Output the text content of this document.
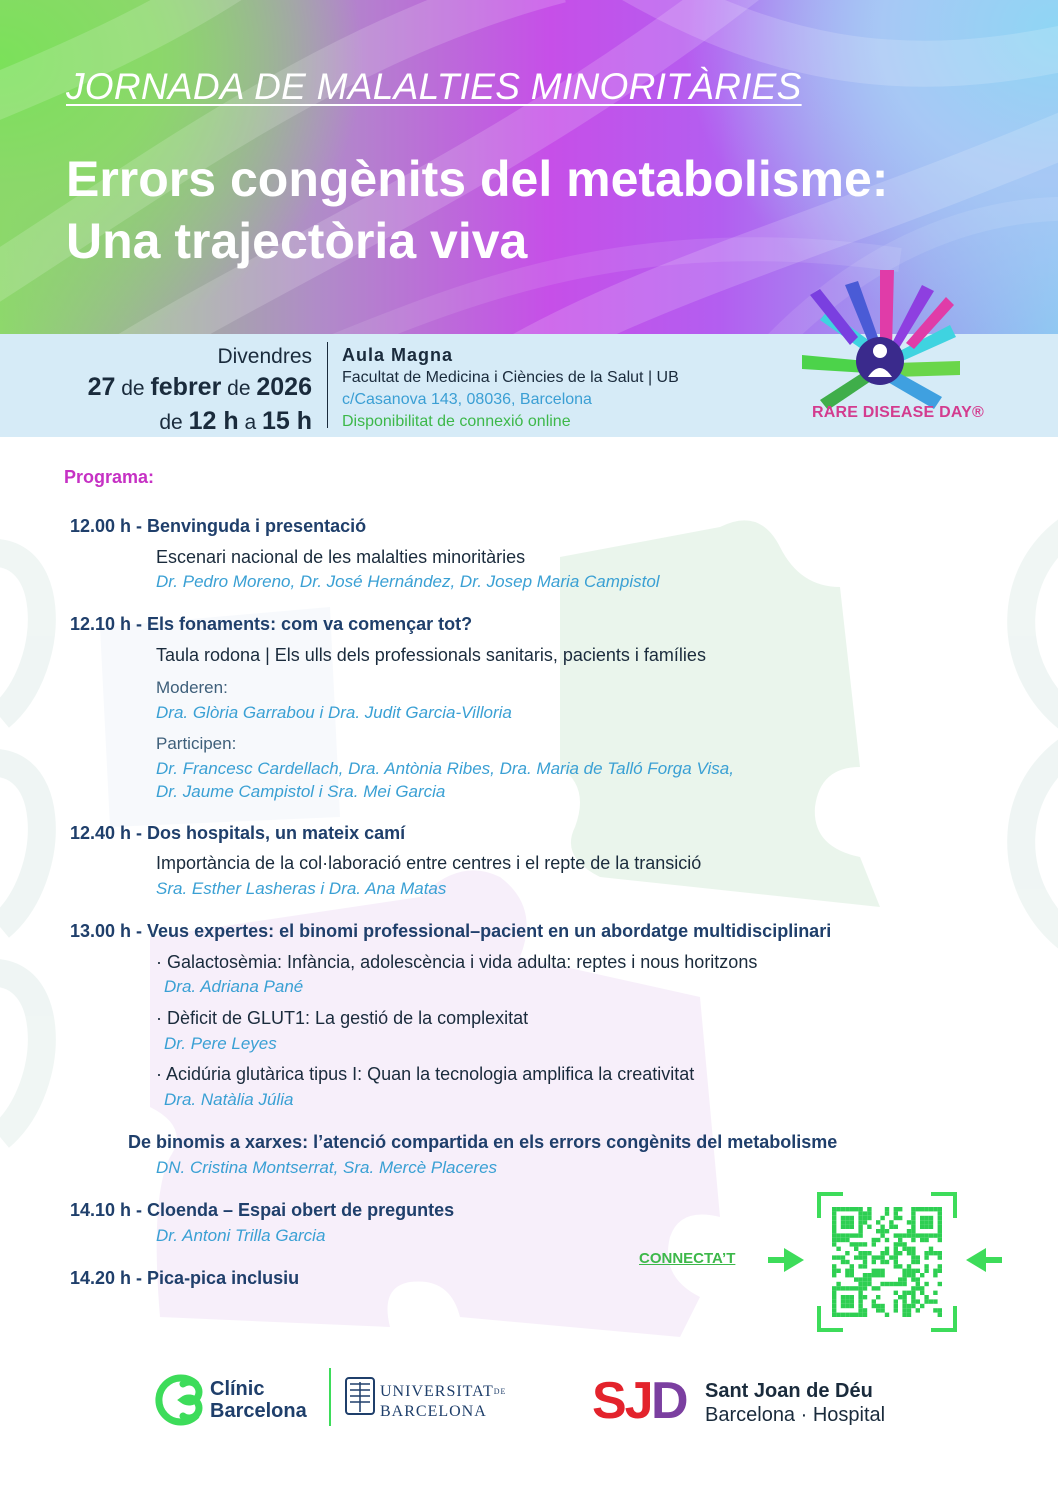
JORNADA DE MALALTIES MINORITÀRIES
Errors congènits del metabolisme:
Una trajectòria viva
Divendres
27 de febrer de 2026
de 12 h a 15 h
Aula Magna
Facultat de Medicina i Ciències de la Salut | UB
c/Casanova 143, 08036, Barcelona
Disponibilitat de connexió online
RARE DISEASE DAY®
Programa:
12.00 h - Benvinguda i presentació
Escenari nacional de les malalties minoritàries
Dr. Pedro Moreno, Dr. José Hernández, Dr. Josep Maria Campistol
12.10 h - Els fonaments: com va començar tot?
Taula rodona | Els ulls dels professionals sanitaris, pacients i famílies
Moderen:
Dra. Glòria Garrabou i Dra. Judit Garcia-Villoria
Participen:
Dr. Francesc Cardellach, Dra. Antònia Ribes, Dra. Maria de Talló Forga Visa,
Dr. Jaume Campistol i Sra. Mei Garcia
12.40 h - Dos hospitals, un mateix camí
Importància de la col·laboració entre centres i el repte de la transició
Sra. Esther Lasheras i Dra. Ana Matas
13.00 h - Veus expertes: el binomi professional–pacient en un abordatge multidisciplinari
· Galactosèmia: Infància, adolescència i vida adulta: reptes i nous horitzons
Dra. Adriana Pané
· Dèficit de GLUT1: La gestió de la complexitat
Dr. Pere Leyes
· Acidúria glutàrica tipus I: Quan la tecnologia amplifica la creativitat
Dra. Natàlia Júlia
De binomis a xarxes: l’atenció compartida en els errors congènits del metabolisme
DN. Cristina Montserrat, Sra. Mercè Placeres
14.10 h - Cloenda – Espai obert de preguntes
Dr. Antoni Trilla Garcia
14.20 h - Pica-pica inclusiu
CONNECTA’T
SJ D
Clínic
Barcelona
$UNIVERSITAT^{DE}$
BARCELONA
Sant Joan de Déu
Barcelona · Hospital
